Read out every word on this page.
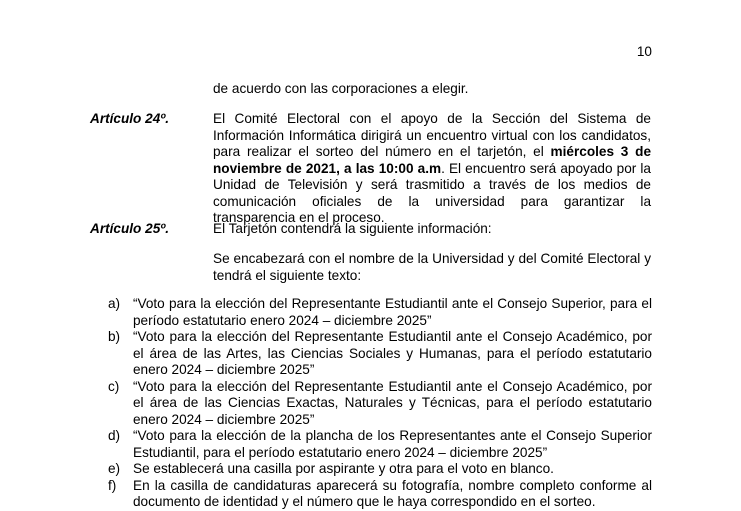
10
de acuerdo con las corporaciones a elegir.
Artículo 24º.	El Comité Electoral con el apoyo de la Sección del Sistema de Información Informática dirigirá un encuentro virtual con los candidatos, para realizar el sorteo del número en el tarjetón, el miércoles 3 de noviembre de 2021, a las 10:00 a.m. El encuentro será apoyado por la Unidad de Televisión y será trasmitido a través de los medios de comunicación oficiales de la universidad para garantizar la transparencia en el proceso.
Artículo 25º.	El Tarjetón contendrá la siguiente información:
Se encabezará con el nombre de la Universidad y del Comité Electoral y tendrá el siguiente texto:
a) “Voto para la elección del Representante Estudiantil ante el Consejo Superior, para el período estatutario enero 2024 – diciembre 2025”
b) “Voto para la elección del Representante Estudiantil ante el Consejo Académico, por el área de las Artes, las Ciencias Sociales y Humanas, para el período estatutario enero 2024 – diciembre 2025”
c) “Voto para la elección del Representante Estudiantil ante el Consejo Académico, por el área de las Ciencias Exactas, Naturales y Técnicas, para el período estatutario enero 2024 – diciembre 2025”
d) “Voto para la elección de la plancha de los Representantes ante el Consejo Superior Estudiantil, para el período estatutario enero 2024 – diciembre 2025”
e) Se establecerá una casilla por aspirante y otra para el voto en blanco.
f) En la casilla de candidaturas aparecerá su fotografía, nombre completo conforme al documento de identidad y el número que le haya correspondido en el sorteo.
